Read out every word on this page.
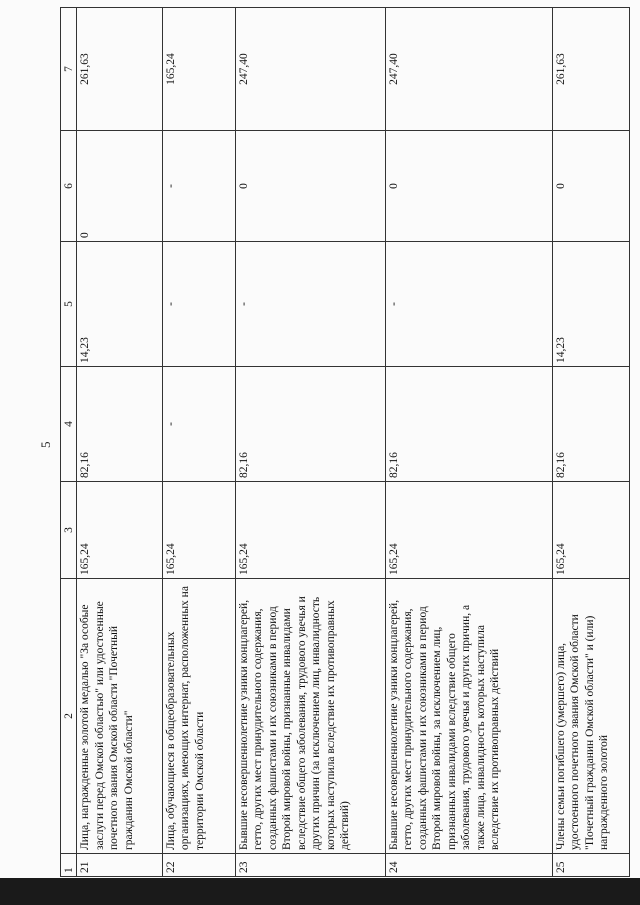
5
1	2	3	4	5	6	7
21	Лица, награжденные золотой медалью "За особые заслуги перед Омской областью" или удостоенные почетного звания Омской области "Почетный гражданин Омской области"	165,24	82,16	14,23	0	261,63
22	Лица, обучающиеся в общеобразовательных организациях, имеющих интернат, расположенных на территории Омской области	165,24	-	-	-	165,24
23	Бывшие несовершеннолетние узники концлагерей, гетто, других мест принудительного содержания, созданных фашистами и их союзниками в период Второй мировой войны, признанные инвалидами вследствие общего заболевания, трудового увечья и других причин (за исключением лиц, инвалидность которых наступила вследствие их противоправных действий)	165,24	82,16	-	0	247,40
24	Бывшие несовершеннолетние узники концлагерей, гетто, других мест принудительного содержания, созданных фашистами и их союзниками в период Второй мировой войны, за исключением лиц, признанных инвалидами вследствие общего заболевания, трудового увечья и других причин, а также лица, инвалидность которых наступила вследствие их противоправных действий	165,24	82,16	-	0	247,40
25	Члены семьи погибшего (умершего) лица, удостоенного почетного звания Омской области "Почетный гражданин Омской области" и (или) награжденного золотой	165,24	82,16	14,23	0	261,63
